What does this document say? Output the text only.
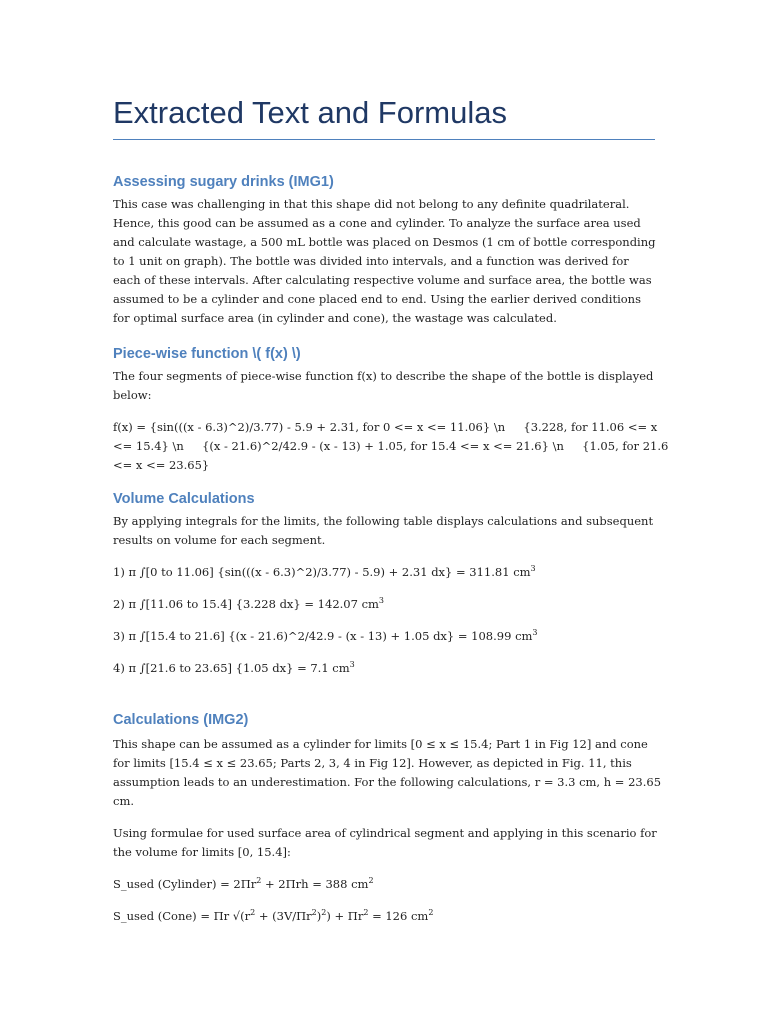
Extracted Text and Formulas
Assessing sugary drinks (IMG1)

This case was challenging in that this shape did not belong to any definite quadrilateral.
Hence, this good can be assumed as a cone and cylinder. To analyze the surface area used
and calculate wastage, a 500 mL bottle was placed on Desmos (1 cm of bottle corresponding
to 1 unit on graph). The bottle was divided into intervals, and a function was derived for
each of these intervals. After calculating respective volume and surface area, the bottle was
assumed to be a cylinder and cone placed end to end. Using the earlier derived conditions
for optimal surface area (in cylinder and cone), the wastage was calculated.

Piece-wise function \( f(x) \)

The four segments of piece-wise function f(x) to describe the shape of the bottle is displayed
below:

f(x) = {sin(((x - 6.3)^2)/3.77) - 5.9 + 2.31, for 0 <= x <= 11.06} \n     {3.228, for 11.06 <= x
<= 15.4} \n     {(x - 21.6)^2/42.9 - (x - 13) + 1.05, for 15.4 <= x <= 21.6} \n     {1.05, for 21.6
<= x <= 23.65}

Volume Calculations

By applying integrals for the limits, the following table displays calculations and subsequent
results on volume for each segment.

1) π ∫[0 to 11.06] {sin(((x - 6.3)^2)/3.77) - 5.9) + 2.31 dx} = 311.81 $cm^3$

2) π ∫[11.06 to 15.4] {3.228 dx} = 142.07 $cm^3$

3) π ∫[15.4 to 21.6] {(x - 21.6)^2/42.9 - (x - 13) + 1.05 dx} = 108.99 $cm^3$

4) π ∫[21.6 to 23.65] {1.05 dx} = 7.1 $cm^3$

Calculations (IMG2)

This shape can be assumed as a cylinder for limits [0 ≤ x ≤ 15.4; Part 1 in Fig 12] and cone
for limits [15.4 ≤ x ≤ 23.65; Parts 2, 3, 4 in Fig 12]. However, as depicted in Fig. 11, this
assumption leads to an underestimation. For the following calculations, r = 3.3 cm, h = 23.65
cm.

Using formulae for used surface area of cylindrical segment and applying in this scenario for
the volume for limits [0, 15.4]:

S_used (Cylinder) = $2\Pi r^2 + 2\Pi rh = 388$ $cm^2$

S_used (Cone) = Πr $√(r^2 + (3V/\Pi r^2)^2) + \Pi r^2 = 126$ $cm^2$
